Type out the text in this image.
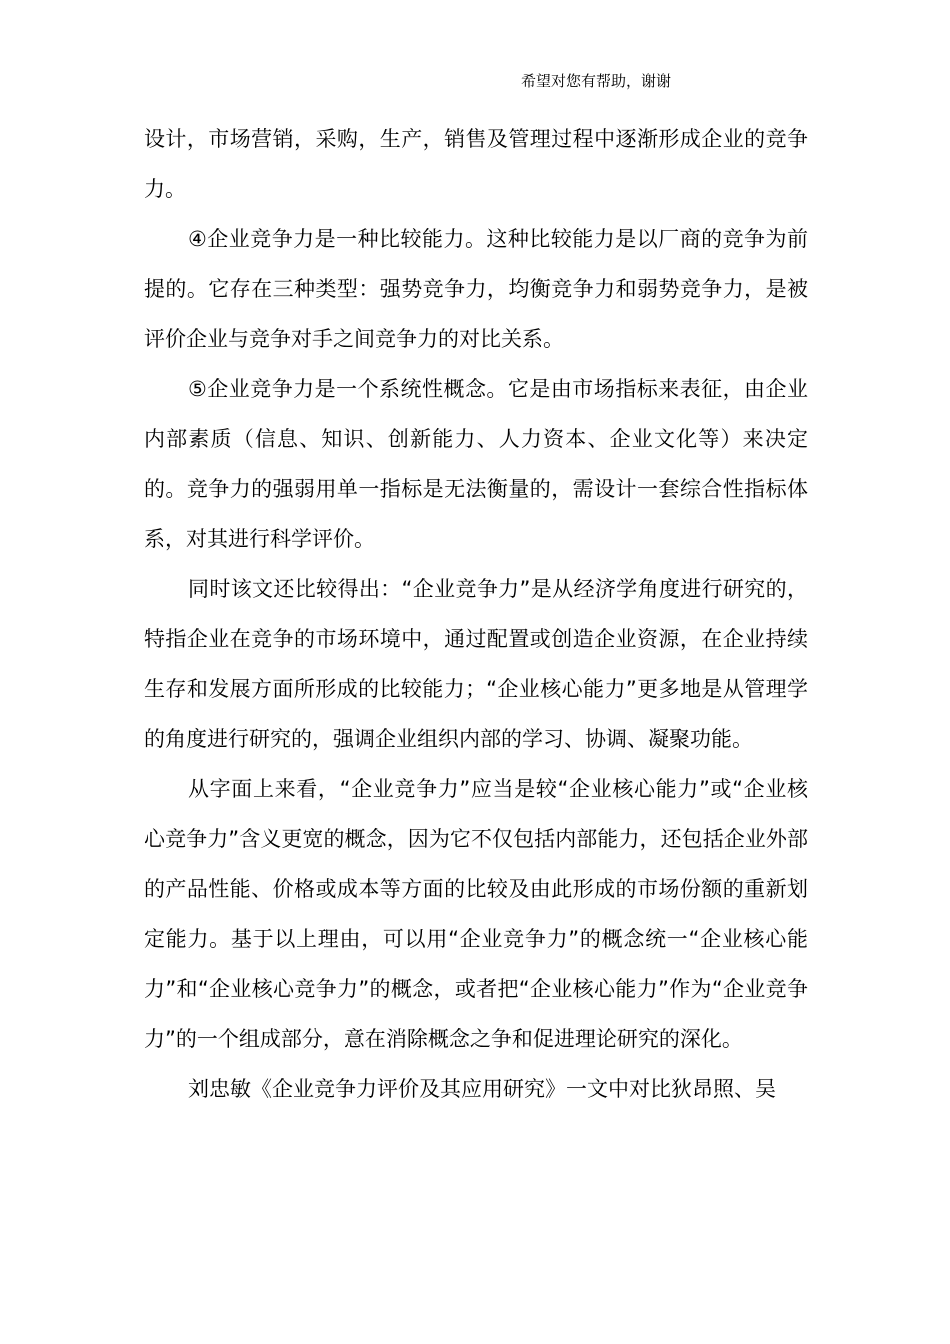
希望对您有帮助，谢谢

设计，市场营销，采购，生产，销售及管理过程中逐渐形成企业的竞争力。

④企业竞争力是一种比较能力。这种比较能力是以厂商的竞争为前提的。它存在三种类型：强势竞争力，均衡竞争力和弱势竞争力，是被评价企业与竞争对手之间竞争力的对比关系。

⑤企业竞争力是一个系统性概念。它是由市场指标来表征，由企业内部素质（信息、知识、创新能力、人力资本、企业文化等）来决定的。竞争力的强弱用单一指标是无法衡量的，需设计一套综合性指标体系，对其进行科学评价。

同时该文还比较得出：“企业竞争力”是从经济学角度进行研究的，特指企业在竞争的市场环境中，通过配置或创造企业资源，在企业持续生存和发展方面所形成的比较能力；“企业核心能力”更多地是从管理学的角度进行研究的，强调企业组织内部的学习、协调、凝聚功能。

从字面上来看，“企业竞争力”应当是较“企业核心能力”或“企业核心竞争力”含义更宽的概念，因为它不仅包括内部能力，还包括企业外部的产品性能、价格或成本等方面的比较及由此形成的市场份额的重新划定能力。基于以上理由，可以用“企业竞争力”的概念统一“企业核心能力”和“企业核心竞争力”的概念，或者把“企业核心能力”作为“企业竞争力”的一个组成部分，意在消除概念之争和促进理论研究的深化。

刘忠敏《企业竞争力评价及其应用研究》一文中对比狄昂照、吴
